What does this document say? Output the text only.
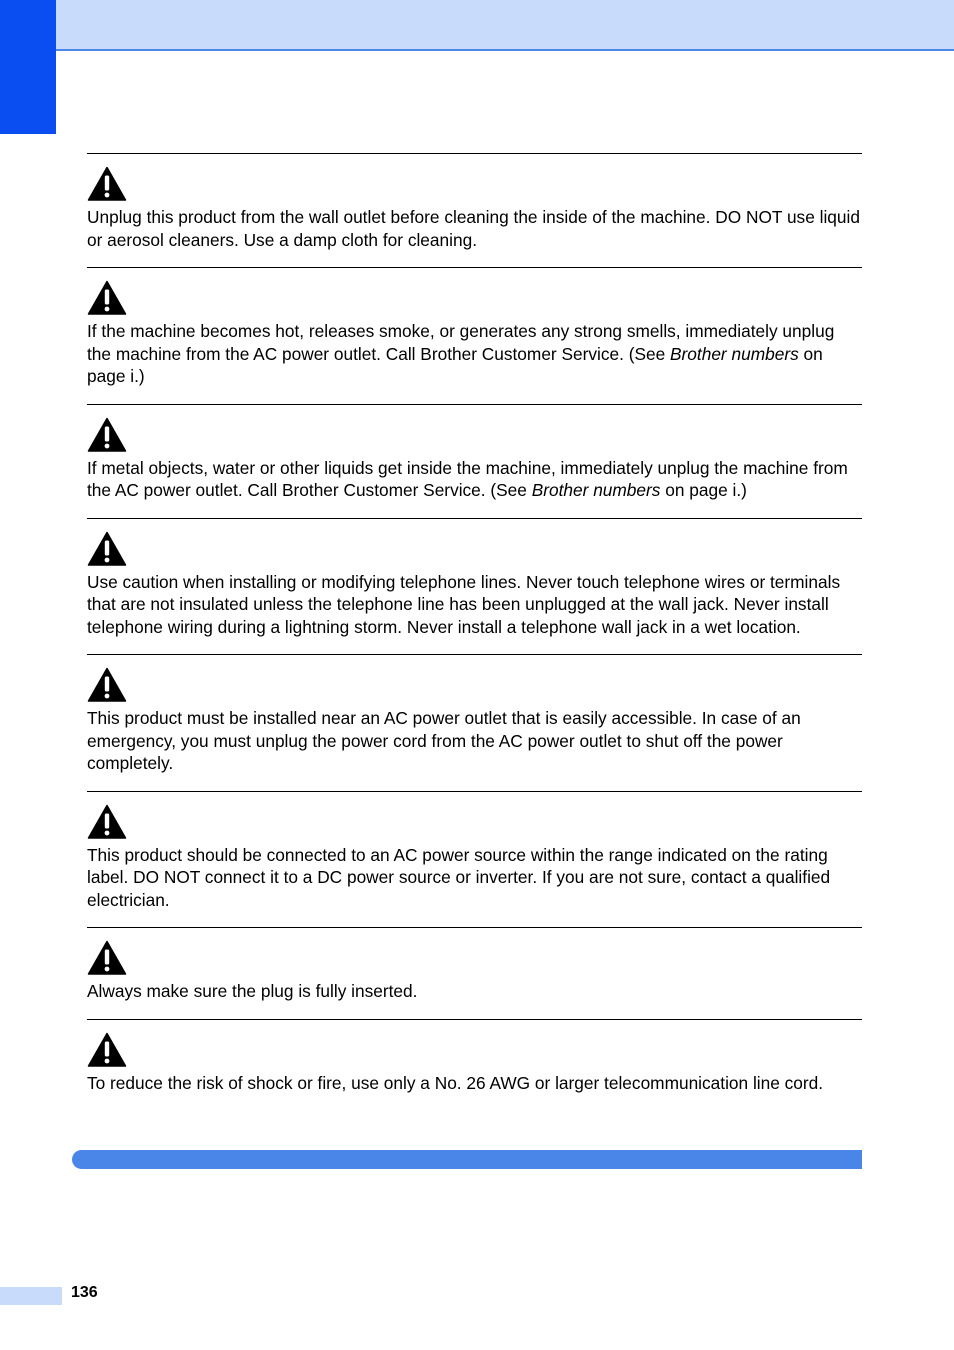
Unplug this product from the wall outlet before cleaning the inside of the machine. DO NOT use liquid or aerosol cleaners. Use a damp cloth for cleaning.

If the machine becomes hot, releases smoke, or generates any strong smells, immediately unplug the machine from the AC power outlet. Call Brother Customer Service. (See Brother numbers on page i.)

If metal objects, water or other liquids get inside the machine, immediately unplug the machine from the AC power outlet. Call Brother Customer Service. (See Brother numbers on page i.)

Use caution when installing or modifying telephone lines. Never touch telephone wires or terminals that are not insulated unless the telephone line has been unplugged at the wall jack. Never install telephone wiring during a lightning storm. Never install a telephone wall jack in a wet location.

This product must be installed near an AC power outlet that is easily accessible. In case of an emergency, you must unplug the power cord from the AC power outlet to shut off the power completely.

This product should be connected to an AC power source within the range indicated on the rating label. DO NOT connect it to a DC power source or inverter. If you are not sure, contact a qualified electrician.

Always make sure the plug is fully inserted.

To reduce the risk of shock or fire, use only a No. 26 AWG or larger telecommunication line cord.

136
